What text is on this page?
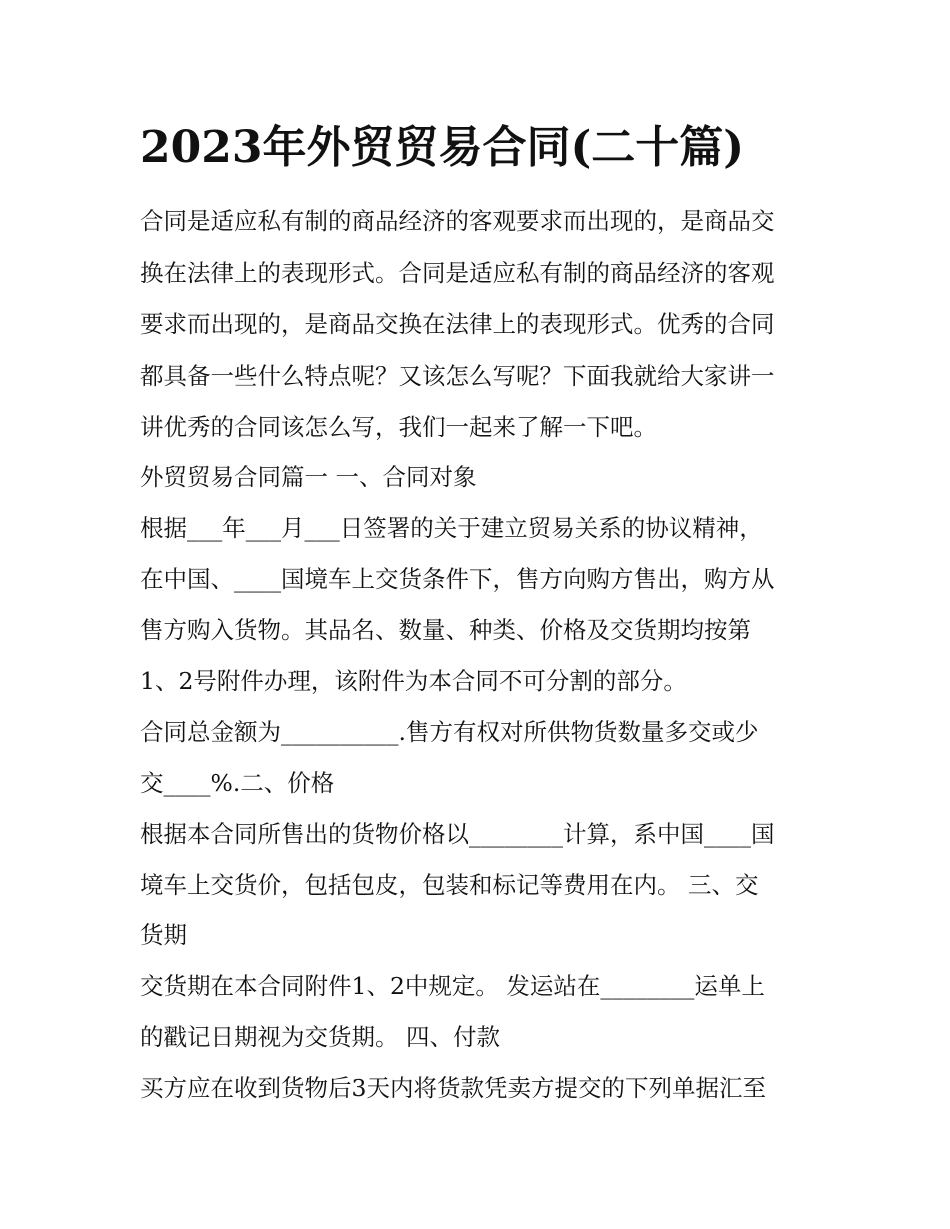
2023年外贸贸易合同(二十篇)

合同是适应私有制的商品经济的客观要求而出现的，是商品交

换在法律上的表现形式。合同是适应私有制的商品经济的客观

要求而出现的，是商品交换在法律上的表现形式。优秀的合同

都具备一些什么特点呢？又该怎么写呢？下面我就给大家讲一

讲优秀的合同该怎么写，我们一起来了解一下吧。

外贸贸易合同篇一 一、合同对象

根据___年___月___日签署的关于建立贸易关系的协议精神，

在中国、____国境车上交货条件下，售方向购方售出，购方从

售方购入货物。其品名、数量、种类、价格及交货期均按第

1、2号附件办理，该附件为本合同不可分割的部分。

合同总金额为__________.售方有权对所供物货数量多交或少

交____%.二、价格

根据本合同所售出的货物价格以________计算，系中国____国

境车上交货价，包括包皮，包装和标记等费用在内。 三、交

货期

交货期在本合同附件1、2中规定。 发运站在________运单上

的戳记日期视为交货期。 四、付款

买方应在收到货物后3天内将货款凭卖方提交的下列单据汇至
